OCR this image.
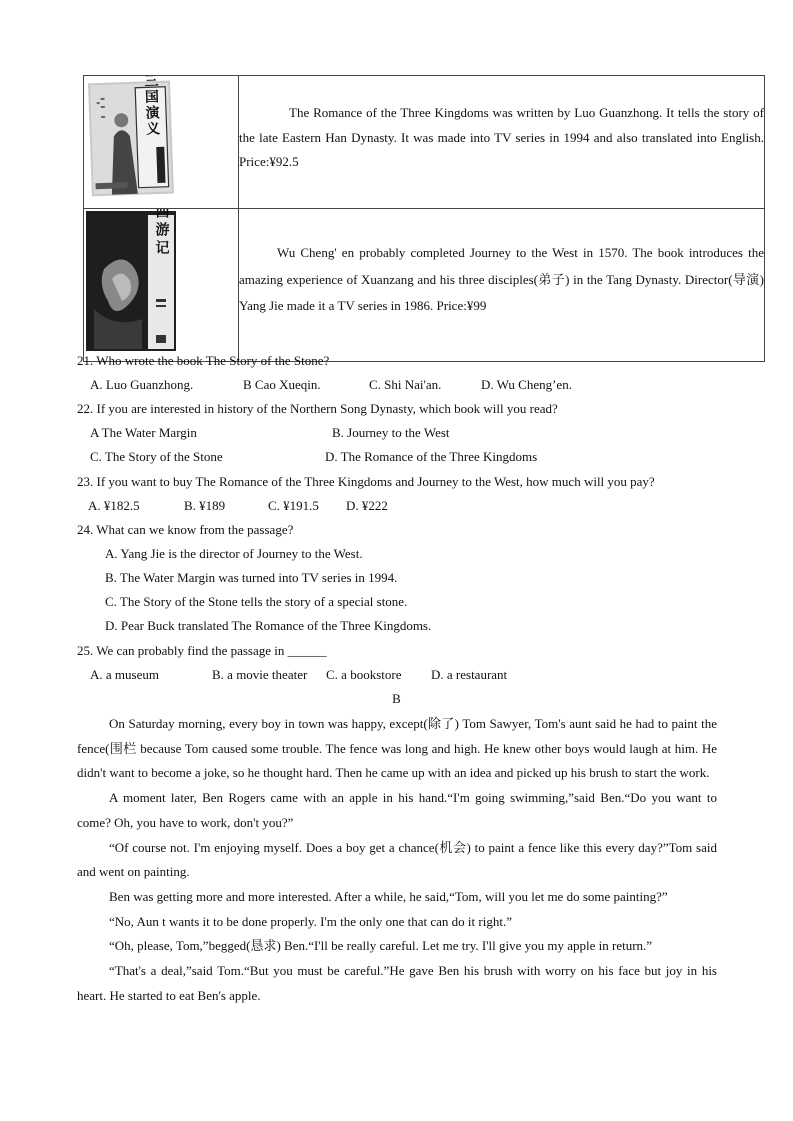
三国演义	The Romance of the Three Kingdoms was written by Luo Guanzhong. It tells the story of the late Eastern Han Dynasty. It was made into TV series in 1994 and also translated into English. Price:¥92.5

西游记	Wu Cheng' en probably completed Journey to the West in 1570. The book introduces the amazing experience of Xuanzang and his three disciples(弟子) in the Tang Dynasty. Director(导演) Yang Jie made it a TV series in 1986. Price:¥99

21. Who wrote the book The Story of the Stone?
A. Luo Guanzhong.	B Cao Xueqin.	C. Shi Nai'an.	D. Wu Cheng’en.
22. If you are interested in history of the Northern Song Dynasty, which book will you read?
A The Water Margin	B. Journey to the West
C. The Story of the Stone	D. The Romance of the Three Kingdoms
23. If you want to buy The Romance of the Three Kingdoms and Journey to the West, how much will you pay?
A. ¥182.5	B. ¥189	C. ¥191.5 D. ¥222
24. What can we know from the passage?
A. Yang Jie is the director of Journey to the West.
B. The Water Margin was turned into TV series in 1994.
C. The Story of the Stone tells the story of a special stone.
D. Pear Buck translated The Romance of the Three Kingdoms.
25. We can probably find the passage in ______
A. a museum	B. a movie theater C. a bookstore D. a restaurant
B

On Saturday morning, every boy in town was happy, except(除了) Tom Sawyer, Tom's aunt said he had to paint the fence(围栏 because Tom caused some trouble. The fence was long and high. He knew other boys would laugh at him. He didn't want to become a joke, so he thought hard. Then he came up with an idea and picked up his brush to start the work.

A moment later, Ben Rogers came with an apple in his hand.“I'm going swimming,”said Ben.“Do you want to come? Oh, you have to work, don't you?”

“Of course not. I'm enjoying myself. Does a boy get a chance(机会) to paint a fence like this every day?”Tom said and went on painting.

Ben was getting more and more interested. After a while, he said,“Tom, will you let me do some painting?”

“No, Aun t wants it to be done properly. I'm the only one that can do it right.”

“Oh, please, Tom,”begged(恳求) Ben.“I'll be really careful. Let me try. I'll give you my apple in return.”

“That's a deal,”said Tom.“But you must be careful.”He gave Ben his brush with worry on his face but joy in his heart. He started to eat Ben's apple.
